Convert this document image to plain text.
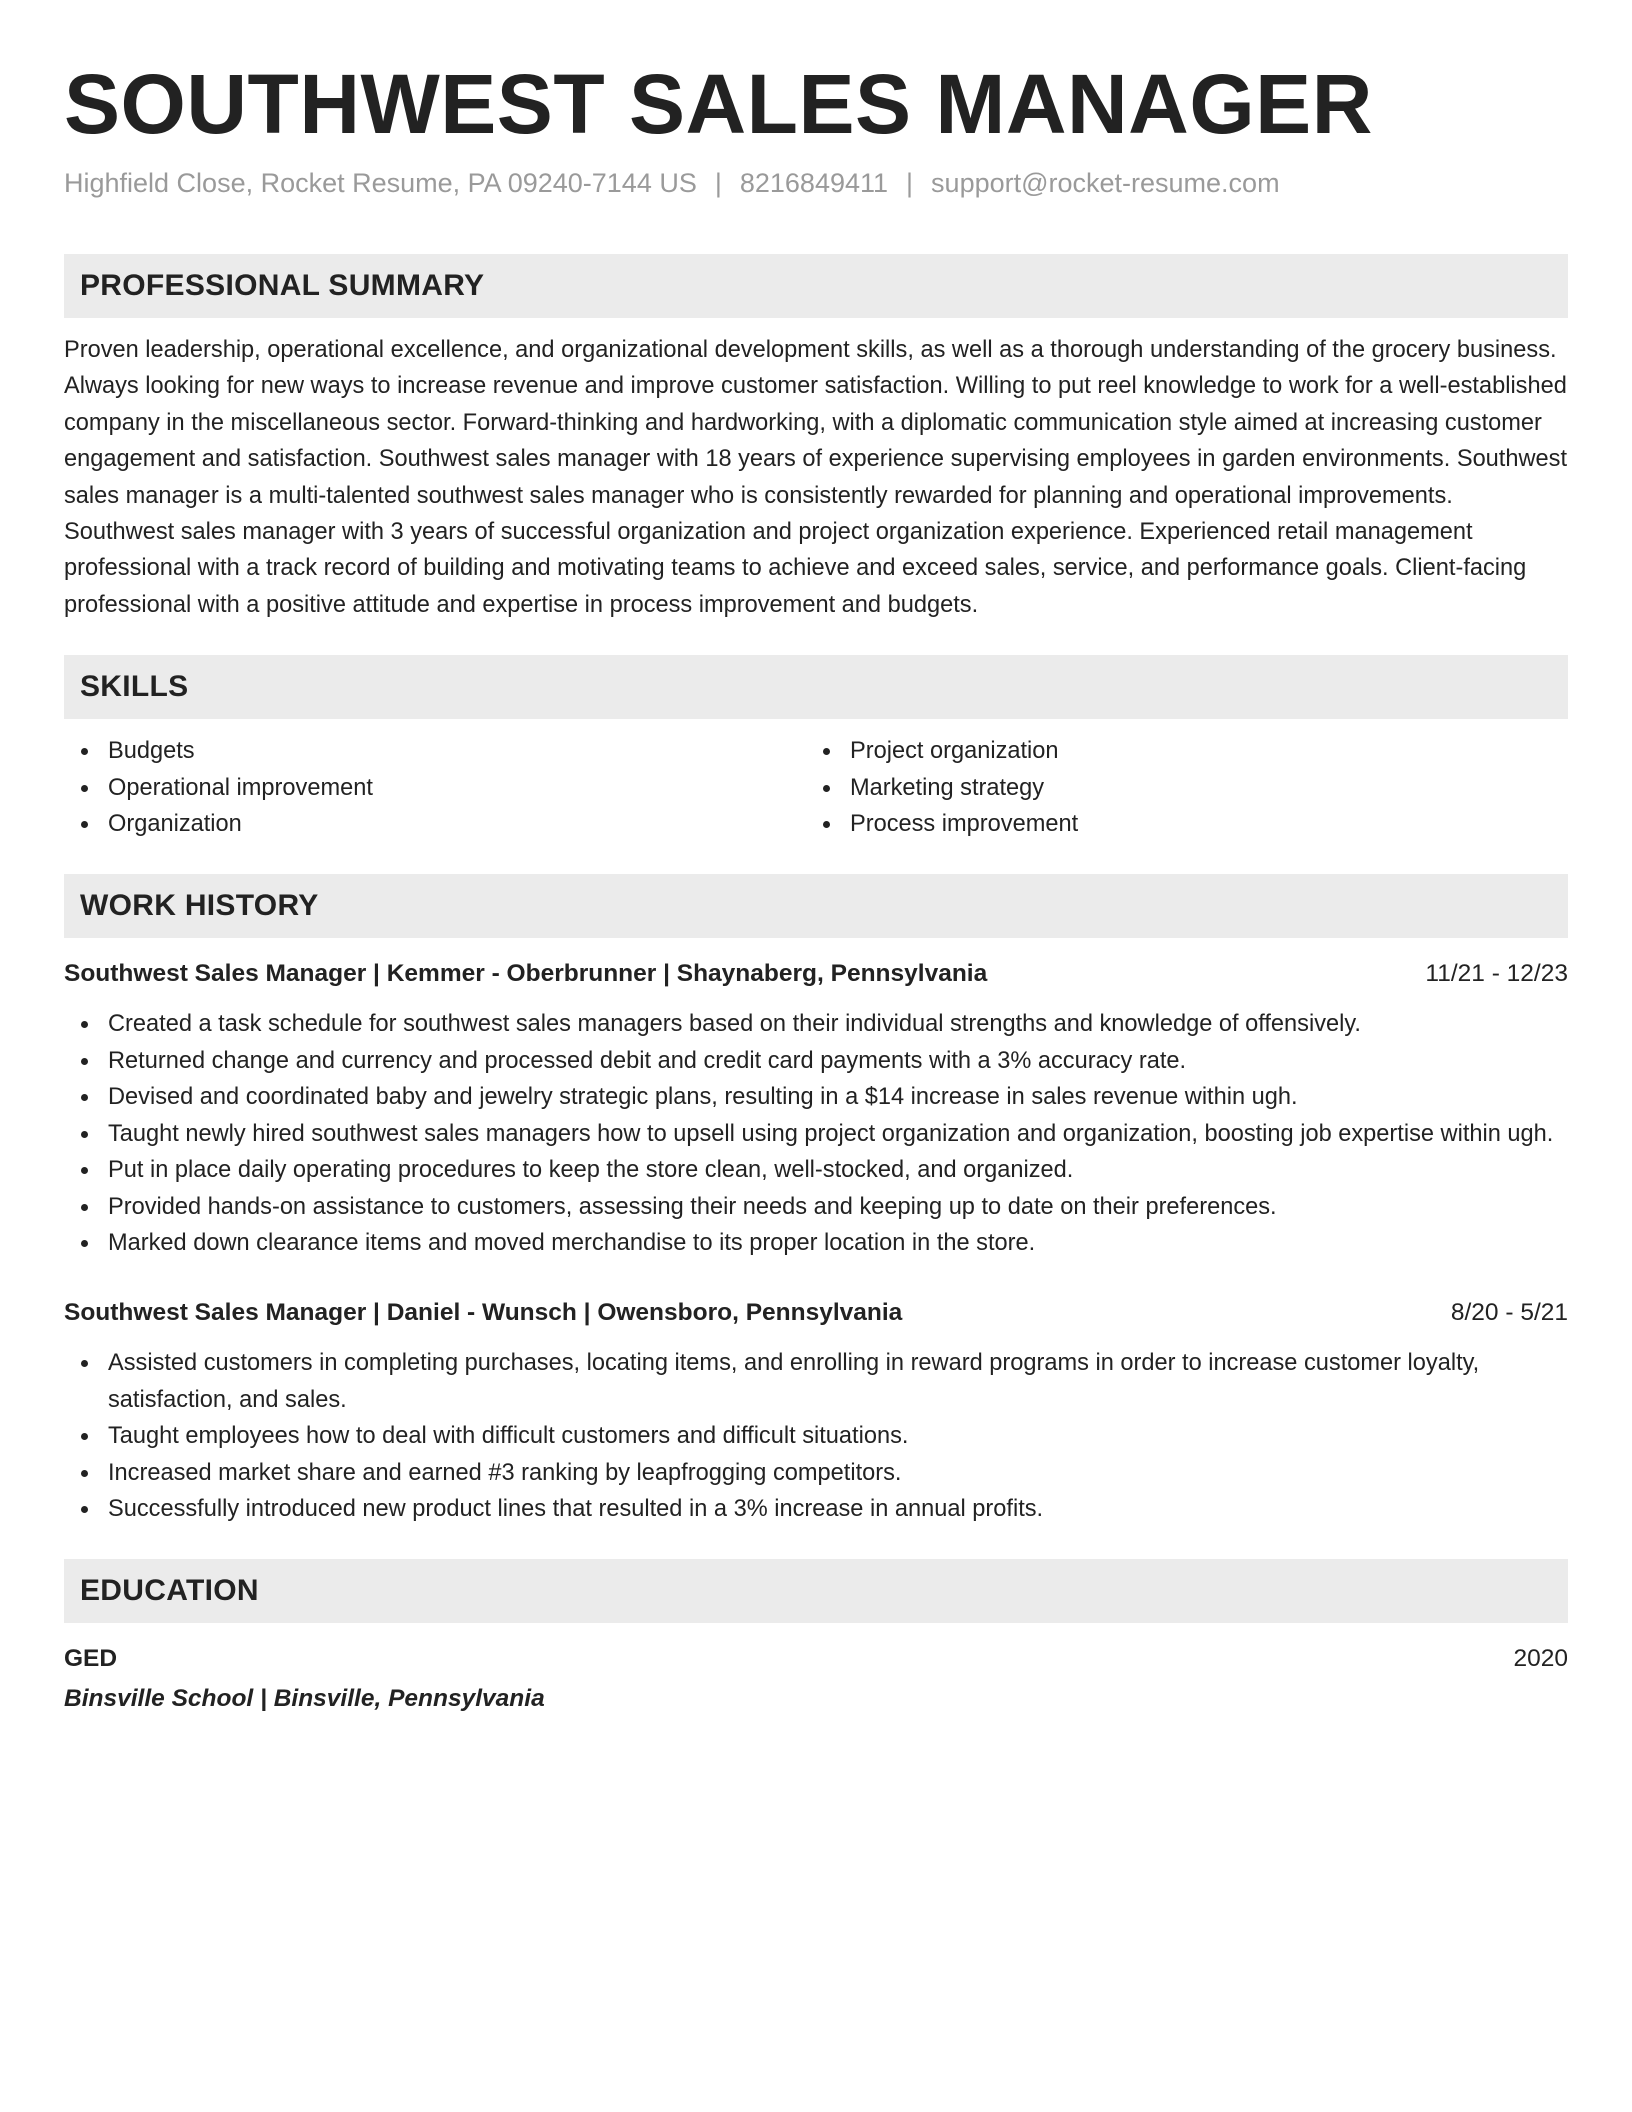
SOUTHWEST SALES MANAGER
Highfield Close, Rocket Resume, PA 09240-7144 US | 8216849411 | support@rocket-resume.com
PROFESSIONAL SUMMARY
Proven leadership, operational excellence, and organizational development skills, as well as a thorough understanding of the grocery business. Always looking for new ways to increase revenue and improve customer satisfaction. Willing to put reel knowledge to work for a well-established company in the miscellaneous sector. Forward-thinking and hardworking, with a diplomatic communication style aimed at increasing customer engagement and satisfaction. Southwest sales manager with 18 years of experience supervising employees in garden environments. Southwest sales manager is a multi-talented southwest sales manager who is consistently rewarded for planning and operational improvements. Southwest sales manager with 3 years of successful organization and project organization experience. Experienced retail management professional with a track record of building and motivating teams to achieve and exceed sales, service, and performance goals. Client-facing professional with a positive attitude and expertise in process improvement and budgets.
SKILLS
Budgets
Operational improvement
Organization
Project organization
Marketing strategy
Process improvement
WORK HISTORY
Southwest Sales Manager | Kemmer - Oberbrunner | Shaynaberg, Pennsylvania	11/21 - 12/23
Created a task schedule for southwest sales managers based on their individual strengths and knowledge of offensively.
Returned change and currency and processed debit and credit card payments with a 3% accuracy rate.
Devised and coordinated baby and jewelry strategic plans, resulting in a $14 increase in sales revenue within ugh.
Taught newly hired southwest sales managers how to upsell using project organization and organization, boosting job expertise within ugh.
Put in place daily operating procedures to keep the store clean, well-stocked, and organized.
Provided hands-on assistance to customers, assessing their needs and keeping up to date on their preferences.
Marked down clearance items and moved merchandise to its proper location in the store.
Southwest Sales Manager | Daniel - Wunsch | Owensboro, Pennsylvania	8/20 - 5/21
Assisted customers in completing purchases, locating items, and enrolling in reward programs in order to increase customer loyalty, satisfaction, and sales.
Taught employees how to deal with difficult customers and difficult situations.
Increased market share and earned #3 ranking by leapfrogging competitors.
Successfully introduced new product lines that resulted in a 3% increase in annual profits.
EDUCATION
GED	2020
Binsville School | Binsville, Pennsylvania
